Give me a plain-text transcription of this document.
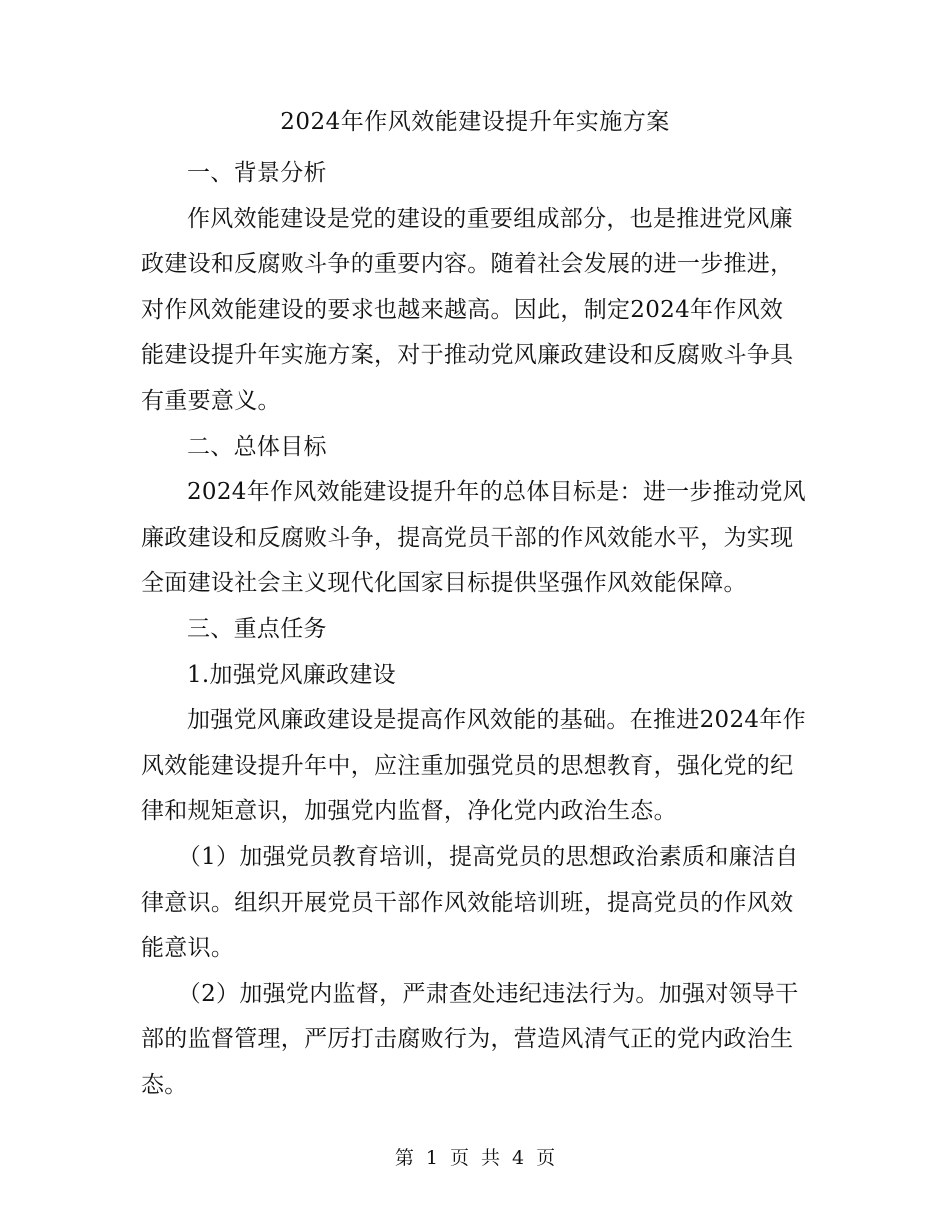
2024年作风效能建设提升年实施方案

一、背景分析

作风效能建设是党的建设的重要组成部分，也是推进党风廉政建设和反腐败斗争的重要内容。随着社会发展的进一步推进，对作风效能建设的要求也越来越高。因此，制定2024年作风效能建设提升年实施方案，对于推动党风廉政建设和反腐败斗争具有重要意义。

二、总体目标

2024年作风效能建设提升年的总体目标是：进一步推动党风廉政建设和反腐败斗争，提高党员干部的作风效能水平，为实现全面建设社会主义现代化国家目标提供坚强作风效能保障。

三、重点任务

1.加强党风廉政建设

加强党风廉政建设是提高作风效能的基础。在推进2024年作风效能建设提升年中，应注重加强党员的思想教育，强化党的纪律和规矩意识，加强党内监督，净化党内政治生态。

（1）加强党员教育培训，提高党员的思想政治素质和廉洁自律意识。组织开展党员干部作风效能培训班，提高党员的作风效能意识。

（2）加强党内监督，严肃查处违纪违法行为。加强对领导干部的监督管理，严厉打击腐败行为，营造风清气正的党内政治生态。

第 1 页 共 4 页
